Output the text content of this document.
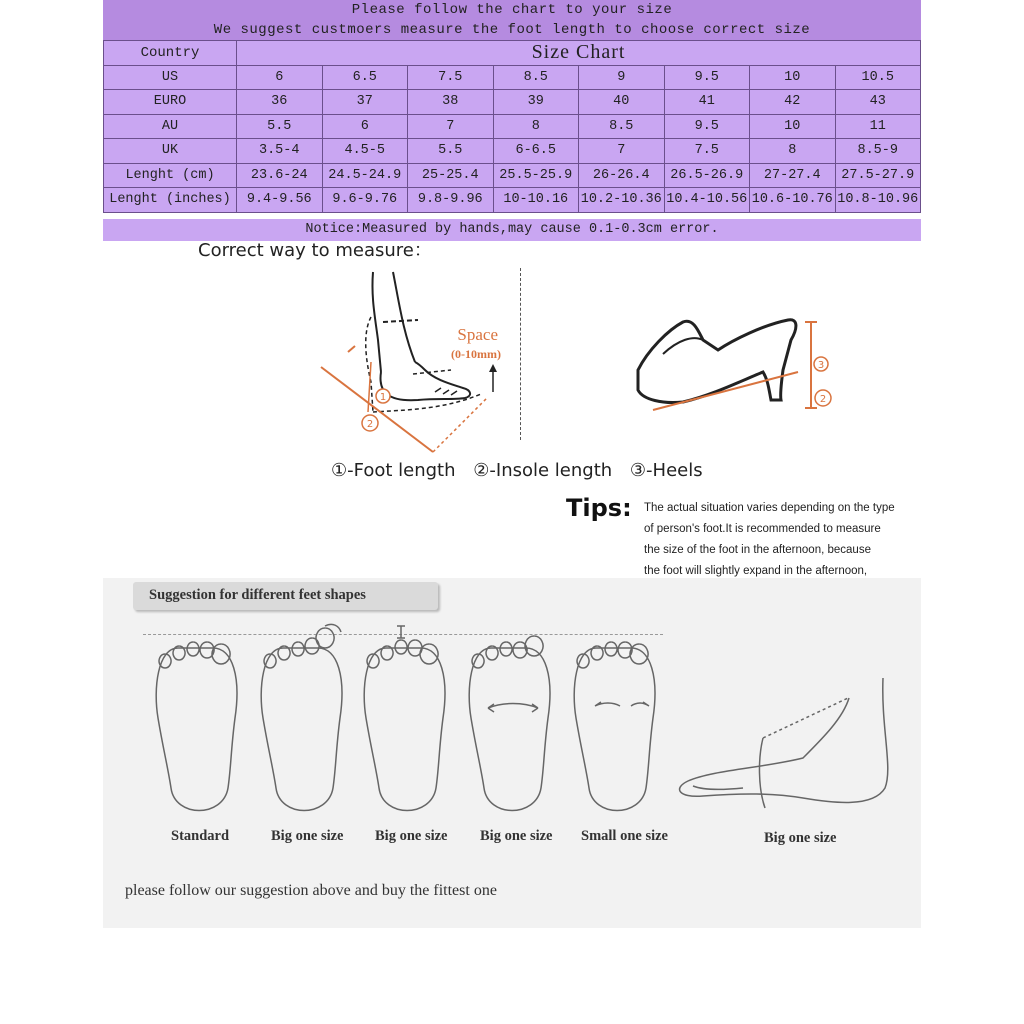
Please follow the chart to your size
We suggest custmoers measure the foot length to choose correct size
Country	Size Chart							
US	6	6.5	7.5	8.5	9	9.5	10	10.5
EURO	36	37	38	39	40	41	42	43
AU	5.5	6	7	8	8.5	9.5	10	11
UK	3.5-4	4.5-5	5.5	6-6.5	7	7.5	8	8.5-9
Lenght (cm)	23.6-24	24.5-24.9	25-25.4	25.5-25.9	26-26.4	26.5-26.9	27-27.4	27.5-27.9
Lenght (inches)	9.4-9.56	9.6-9.76	9.8-9.96	10-10.16	10.2-10.36	10.4-10.56	10.6-10.76	10.8-10.96
Notice:Measured by hands,may cause 0.1-0.3cm error.
Correct way to measure：
1
2
Space
(0-10mm)
2
3
①-Foot length ②-Insole length ③-Heels
Tips: The actual situation varies depending on the type
of person's foot.It is recommended to measure
the size of the foot in the afternoon, because
the foot will slightly expand in the afternoon,
Suggestion for different feet shapes
Standard	Big one size Big one size Big one size Small one size	Big one size
please follow our suggestion above and buy the fittest one
